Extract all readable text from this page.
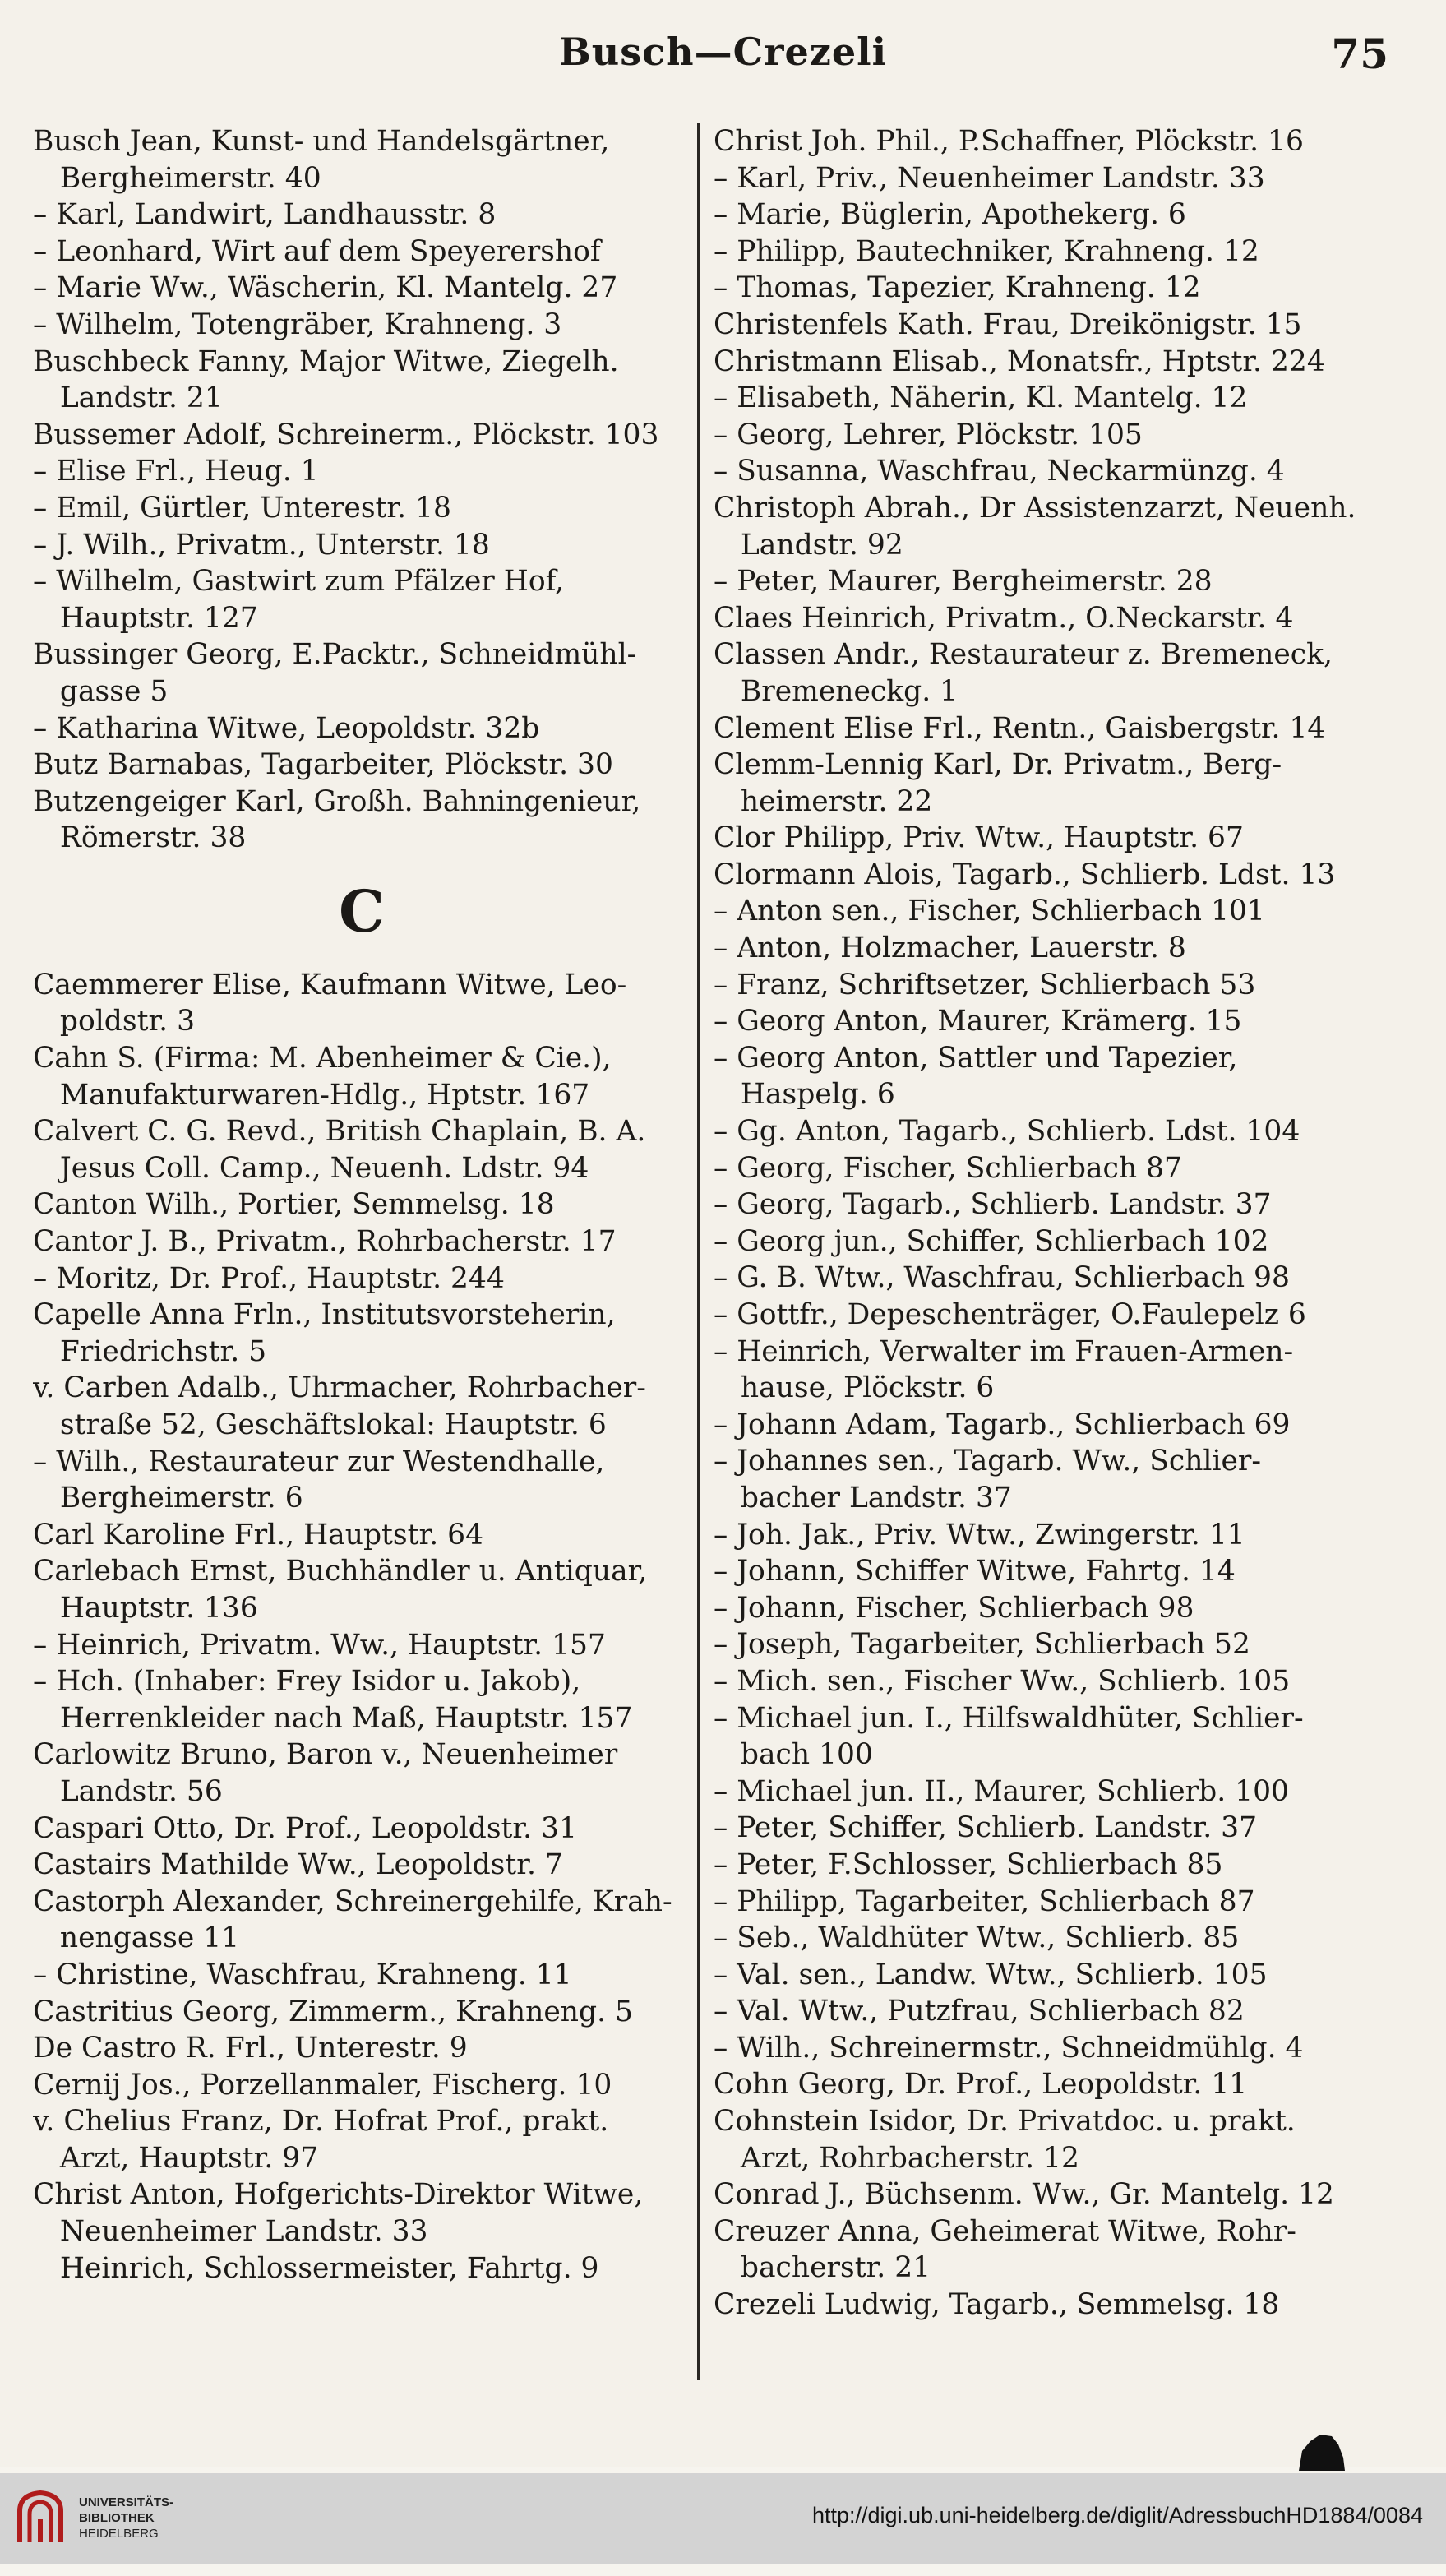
Busch—Crezeli	75
Busch Jean, Kunst- und Handelsgärtner,
Bergheimerstr. 40
– Karl, Landwirt, Landhausstr. 8
– Leonhard, Wirt auf dem Speyerershof
– Marie Ww., Wäscherin, Kl. Mantelg. 27
– Wilhelm, Totengräber, Krahneng. 3
Buschbeck Fanny, Major Witwe, Ziegelh.
Landstr. 21
Bussemer Adolf, Schreinerm., Plöckstr. 103
– Elise Frl., Heug. 1
– Emil, Gürtler, Unterestr. 18
– J. Wilh., Privatm., Unterstr. 18
– Wilhelm, Gastwirt zum Pfälzer Hof,
Hauptstr. 127
Bussinger Georg, E.Packtr., Schneidmühl-
gasse 5
– Katharina Witwe, Leopoldstr. 32b
Butz Barnabas, Tagarbeiter, Plöckstr. 30
Butzengeiger Karl, Großh. Bahningenieur,
Römerstr. 38
C
Caemmerer Elise, Kaufmann Witwe, Leo-
poldstr. 3
Cahn S. (Firma: M. Abenheimer & Cie.),
Manufakturwaren-Hdlg., Hptstr. 167
Calvert C. G. Revd., British Chaplain, B. A.
Jesus Coll. Camp., Neuenh. Ldstr. 94
Canton Wilh., Portier, Semmelsg. 18
Cantor J. B., Privatm., Rohrbacherstr. 17
– Moritz, Dr. Prof., Hauptstr. 244
Capelle Anna Frln., Institutsvorsteherin,
Friedrichstr. 5
v. Carben Adalb., Uhrmacher, Rohrbacher-
straße 52, Geschäftslokal: Hauptstr. 6
– Wilh., Restaurateur zur Westendhalle,
Bergheimerstr. 6
Carl Karoline Frl., Hauptstr. 64
Carlebach Ernst, Buchhändler u. Antiquar,
Hauptstr. 136
– Heinrich, Privatm. Ww., Hauptstr. 157
– Hch. (Inhaber: Frey Isidor u. Jakob),
Herrenkleider nach Maß, Hauptstr. 157
Carlowitz Bruno, Baron v., Neuenheimer
Landstr. 56
Caspari Otto, Dr. Prof., Leopoldstr. 31
Castairs Mathilde Ww., Leopoldstr. 7
Castorph Alexander, Schreinergehilfe, Krah-
nengasse 11
– Christine, Waschfrau, Krahneng. 11
Castritius Georg, Zimmerm., Krahneng. 5
De Castro R. Frl., Unterestr. 9
Cernij Jos., Porzellanmaler, Fischerg. 10
v. Chelius Franz, Dr. Hofrat Prof., prakt.
Arzt, Hauptstr. 97
Christ Anton, Hofgerichts-Direktor Witwe,
Neuenheimer Landstr. 33
Heinrich, Schlossermeister, Fahrtg. 9
Christ Joh. Phil., P.Schaffner, Plöckstr. 16
– Karl, Priv., Neuenheimer Landstr. 33
– Marie, Büglerin, Apothekerg. 6
– Philipp, Bautechniker, Krahneng. 12
– Thomas, Tapezier, Krahneng. 12
Christenfels Kath. Frau, Dreikönigstr. 15
Christmann Elisab., Monatsfr., Hptstr. 224
– Elisabeth, Näherin, Kl. Mantelg. 12
– Georg, Lehrer, Plöckstr. 105
– Susanna, Waschfrau, Neckarmünzg. 4
Christoph Abrah., Dr Assistenzarzt, Neuenh.
Landstr. 92
– Peter, Maurer, Bergheimerstr. 28
Claes Heinrich, Privatm., O.Neckarstr. 4
Classen Andr., Restaurateur z. Bremeneck,
Bremeneckg. 1
Clement Elise Frl., Rentn., Gaisbergstr. 14
Clemm-Lennig Karl, Dr. Privatm., Berg-
heimerstr. 22
Clor Philipp, Priv. Wtw., Hauptstr. 67
Clormann Alois, Tagarb., Schlierb. Ldst. 13
– Anton sen., Fischer, Schlierbach 101
– Anton, Holzmacher, Lauerstr. 8
– Franz, Schriftsetzer, Schlierbach 53
– Georg Anton, Maurer, Krämerg. 15
– Georg Anton, Sattler und Tapezier,
Haspelg. 6
– Gg. Anton, Tagarb., Schlierb. Ldst. 104
– Georg, Fischer, Schlierbach 87
– Georg, Tagarb., Schlierb. Landstr. 37
– Georg jun., Schiffer, Schlierbach 102
– G. B. Wtw., Waschfrau, Schlierbach 98
– Gottfr., Depeschenträger, O.Faulepelz 6
– Heinrich, Verwalter im Frauen-Armen-
hause, Plöckstr. 6
– Johann Adam, Tagarb., Schlierbach 69
– Johannes sen., Tagarb. Ww., Schlier-
bacher Landstr. 37
– Joh. Jak., Priv. Wtw., Zwingerstr. 11
– Johann, Schiffer Witwe, Fahrtg. 14
– Johann, Fischer, Schlierbach 98
– Joseph, Tagarbeiter, Schlierbach 52
– Mich. sen., Fischer Ww., Schlierb. 105
– Michael jun. I., Hilfswaldhüter, Schlier-
bach 100
– Michael jun. II., Maurer, Schlierb. 100
– Peter, Schiffer, Schlierb. Landstr. 37
– Peter, F.Schlosser, Schlierbach 85
– Philipp, Tagarbeiter, Schlierbach 87
– Seb., Waldhüter Wtw., Schlierb. 85
– Val. sen., Landw. Wtw., Schlierb. 105
– Val. Wtw., Putzfrau, Schlierbach 82
– Wilh., Schreinermstr., Schneidmühlg. 4
Cohn Georg, Dr. Prof., Leopoldstr. 11
Cohnstein Isidor, Dr. Privatdoc. u. prakt.
Arzt, Rohrbacherstr. 12
Conrad J., Büchsenm. Ww., Gr. Mantelg. 12
Creuzer Anna, Geheimerat Witwe, Rohr-
bacherstr. 21
Crezeli Ludwig, Tagarb., Semmelsg. 18
UNIVERSITÄTS-
BIBLIOTHEK
HEIDELBERG
http://digi.ub.uni-heidelberg.de/diglit/AdressbuchHD1884/0084
